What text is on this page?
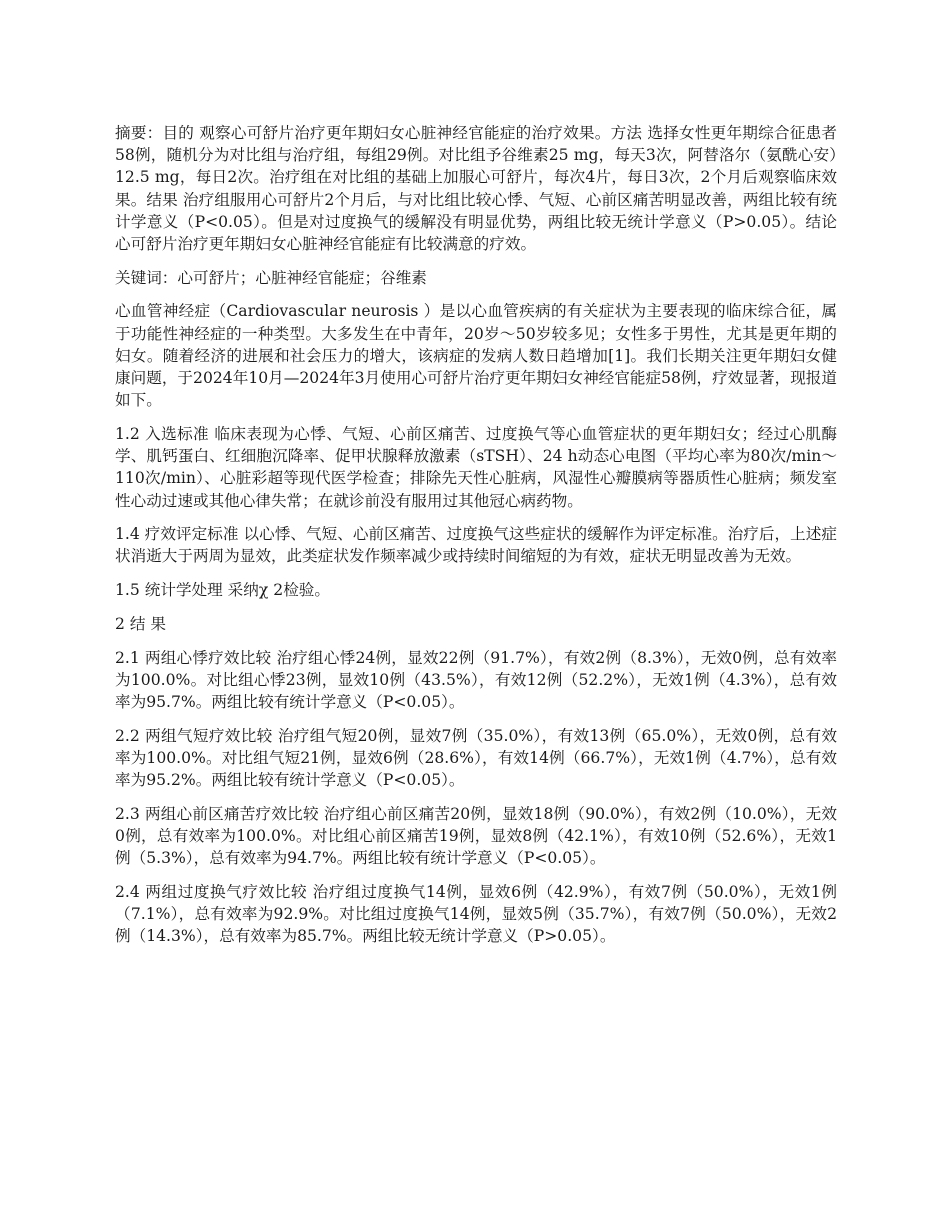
摘要：目的 观察心可舒片治疗更年期妇女心脏神经官能症的治疗效果。方法 选择女性更年期综合征患者58例，随机分为对比组与治疗组，每组29例。对比组予谷维素25 mg，每天3次，阿替洛尔（氨酰心安）12.5 mg，每日2次。治疗组在对比组的基础上加服心可舒片，每次4片，每日3次，2个月后观察临床效果。结果 治疗组服用心可舒片2个月后，与对比组比较心悸、气短、心前区痛苦明显改善，两组比较有统计学意义（P<0.05）。但是对过度换气的缓解没有明显优势，两组比较无统计学意义（P>0.05）。结论 心可舒片治疗更年期妇女心脏神经官能症有比较满意的疗效。

关键词：心可舒片；心脏神经官能症；谷维素

心血管神经症（Cardiovascular neurosis ）是以心血管疾病的有关症状为主要表现的临床综合征，属于功能性神经症的一种类型。大多发生在中青年，20岁～50岁较多见；女性多于男性，尤其是更年期的妇女。随着经济的进展和社会压力的增大，该病症的发病人数日趋增加[1]。我们长期关注更年期妇女健康问题，于2024年10月—2024年3月使用心可舒片治疗更年期妇女神经官能症58例，疗效显著，现报道如下。

1.2 入选标准 临床表现为心悸、气短、心前区痛苦、过度换气等心血管症状的更年期妇女；经过心肌酶学、肌钙蛋白、红细胞沉降率、促甲状腺释放激素（sTSH）、24 h动态心电图（平均心率为80次/min～110次/min）、心脏彩超等现代医学检查；排除先天性心脏病，风湿性心瓣膜病等器质性心脏病；频发室性心动过速或其他心律失常；在就诊前没有服用过其他冠心病药物。

1.4 疗效评定标准 以心悸、气短、心前区痛苦、过度换气这些症状的缓解作为评定标准。治疗后，上述症状消逝大于两周为显效，此类症状发作频率减少或持续时间缩短的为有效，症状无明显改善为无效。

1.5 统计学处理 采纳χ 2检验。

2 结 果

2.1 两组心悸疗效比较 治疗组心悸24例，显效22例（91.7%），有效2例（8.3%），无效0例，总有效率为100.0%。对比组心悸23例，显效10例（43.5%），有效12例（52.2%），无效1例（4.3%），总有效率为95.7%。两组比较有统计学意义（P<0.05）。

2.2 两组气短疗效比较 治疗组气短20例，显效7例（35.0%），有效13例（65.0%），无效0例，总有效率为100.0%。对比组气短21例，显效6例（28.6%），有效14例（66.7%），无效1例（4.7%），总有效率为95.2%。两组比较有统计学意义（P<0.05）。

2.3 两组心前区痛苦疗效比较 治疗组心前区痛苦20例，显效18例（90.0%），有效2例（10.0%），无效0例，总有效率为100.0%。对比组心前区痛苦19例，显效8例（42.1%），有效10例（52.6%），无效1例（5.3%），总有效率为94.7%。两组比较有统计学意义（P<0.05）。

2.4 两组过度换气疗效比较 治疗组过度换气14例，显效6例（42.9%），有效7例（50.0%），无效1例（7.1%），总有效率为92.9%。对比组过度换气14例，显效5例（35.7%），有效7例（50.0%），无效2例（14.3%），总有效率为85.7%。两组比较无统计学意义（P>0.05）。
